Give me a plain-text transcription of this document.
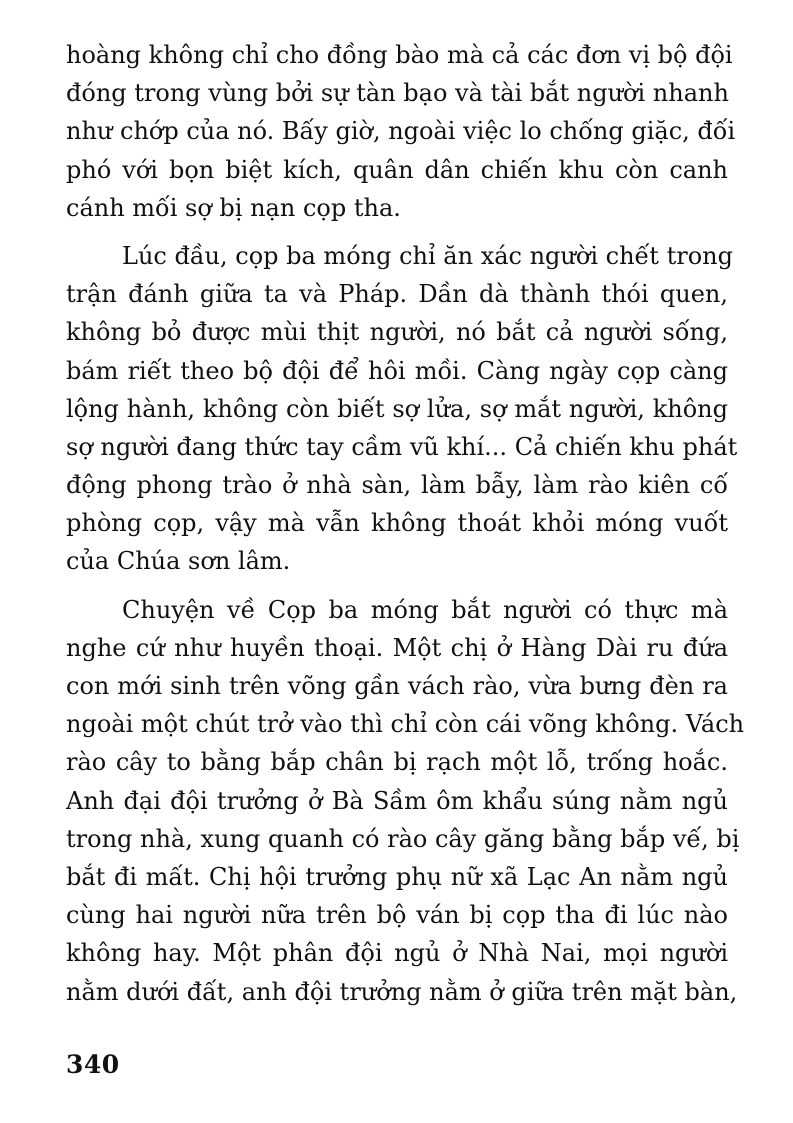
hoàng không chỉ cho đồng bào mà cả các đơn vị bộ đội
đóng trong vùng bởi sự tàn bạo và tài bắt người nhanh
như chớp của nó. Bấy giờ, ngoài việc lo chống giặc, đối
phó với bọn biệt kích, quân dân chiến khu còn canh
cánh mối sợ bị nạn cọp tha.
Lúc đầu, cọp ba móng chỉ ăn xác người chết trong
trận đánh giữa ta và Pháp. Dần dà thành thói quen,
không bỏ được mùi thịt người, nó bắt cả người sống,
bám riết theo bộ đội để hôi mồi. Càng ngày cọp càng
lộng hành, không còn biết sợ lửa, sợ mắt người, không
sợ người đang thức tay cầm vũ khí... Cả chiến khu phát
động phong trào ở nhà sàn, làm bẫy, làm rào kiên cố
phòng cọp, vậy mà vẫn không thoát khỏi móng vuốt
của Chúa sơn lâm.
Chuyện về Cọp ba móng bắt người có thực mà
nghe cứ như huyền thoại. Một chị ở Hàng Dài ru đứa
con mới sinh trên võng gần vách rào, vừa bưng đèn ra
ngoài một chút trở vào thì chỉ còn cái võng không. Vách
rào cây to bằng bắp chân bị rạch một lỗ, trống hoắc.
Anh đại đội trưởng ở Bà Sầm ôm khẩu súng nằm ngủ
trong nhà, xung quanh có rào cây găng bằng bắp vế, bị
bắt đi mất. Chị hội trưởng phụ nữ xã Lạc An nằm ngủ
cùng hai người nữa trên bộ ván bị cọp tha đi lúc nào
không hay. Một phân đội ngủ ở Nhà Nai, mọi người
nằm dưới đất, anh đội trưởng nằm ở giữa trên mặt bàn,
340
